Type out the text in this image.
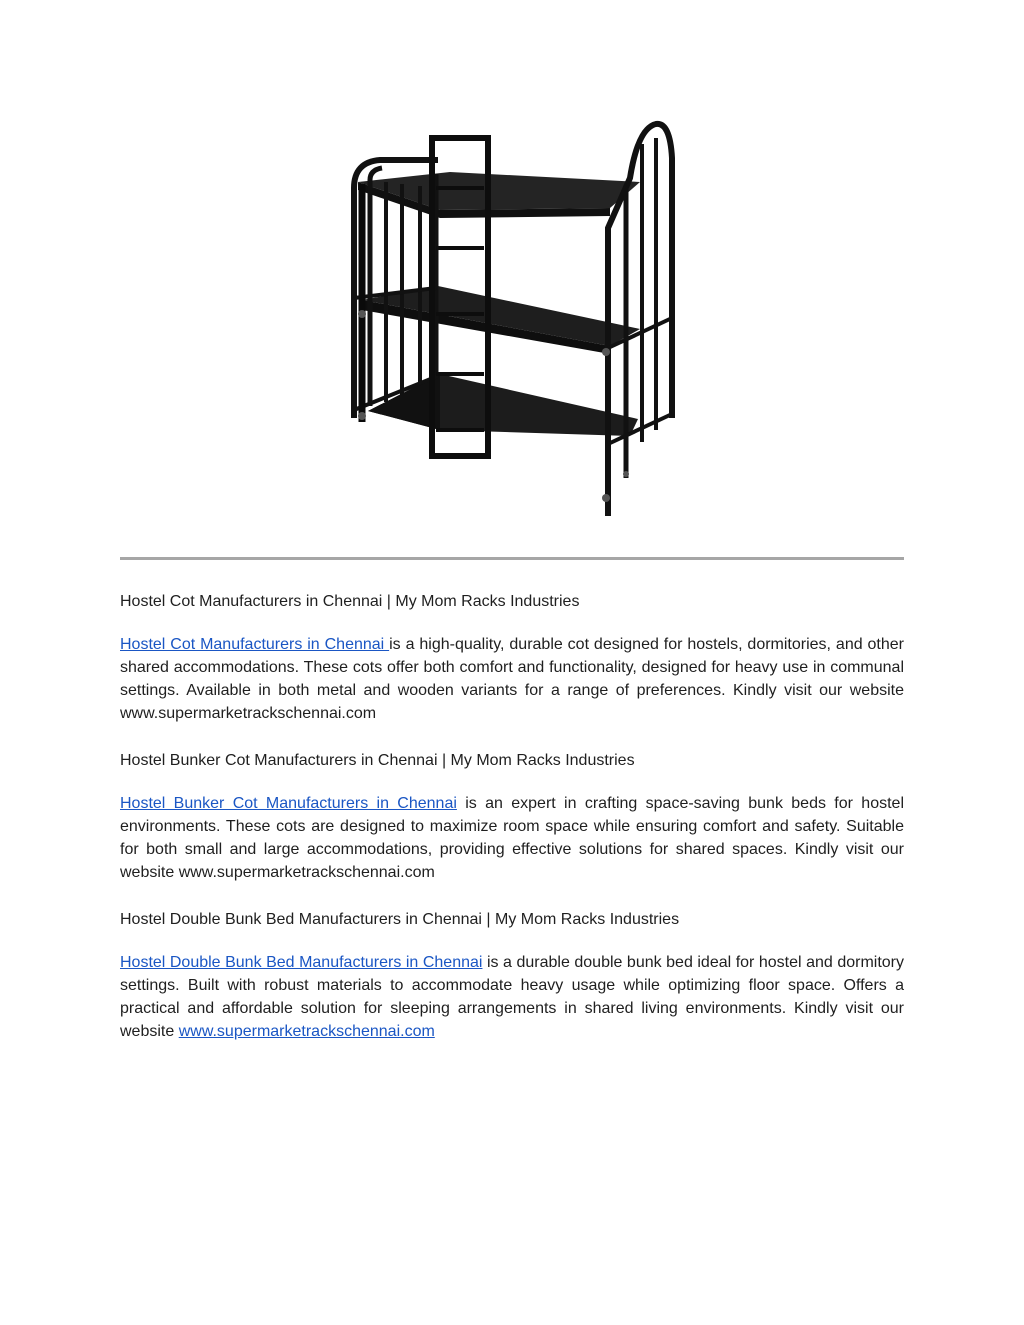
Hostel Cot Manufacturers in Chennai | My Mom Racks Industries

Hostel Cot Manufacturers in Chennai is a high-quality, durable cot designed for hostels, dormitories, and other shared accommodations. These cots offer both comfort and functionality, designed for heavy use in communal settings. Available in both metal and wooden variants for a range of preferences. Kindly visit our website www.supermarketrackschennai.com

Hostel Bunker Cot Manufacturers in Chennai | My Mom Racks Industries

Hostel Bunker Cot Manufacturers in Chennai is an expert in crafting space-saving bunk beds for hostel environments. These cots are designed to maximize room space while ensuring comfort and safety. Suitable for both small and large accommodations, providing effective solutions for shared spaces. Kindly visit our website www.supermarketrackschennai.com

Hostel Double Bunk Bed Manufacturers in Chennai | My Mom Racks Industries

Hostel Double Bunk Bed Manufacturers in Chennai is a durable double bunk bed ideal for hostel and dormitory settings. Built with robust materials to accommodate heavy usage while optimizing floor space. Offers a practical and affordable solution for sleeping arrangements in shared living environments. Kindly visit our website www.supermarketrackschennai.com
